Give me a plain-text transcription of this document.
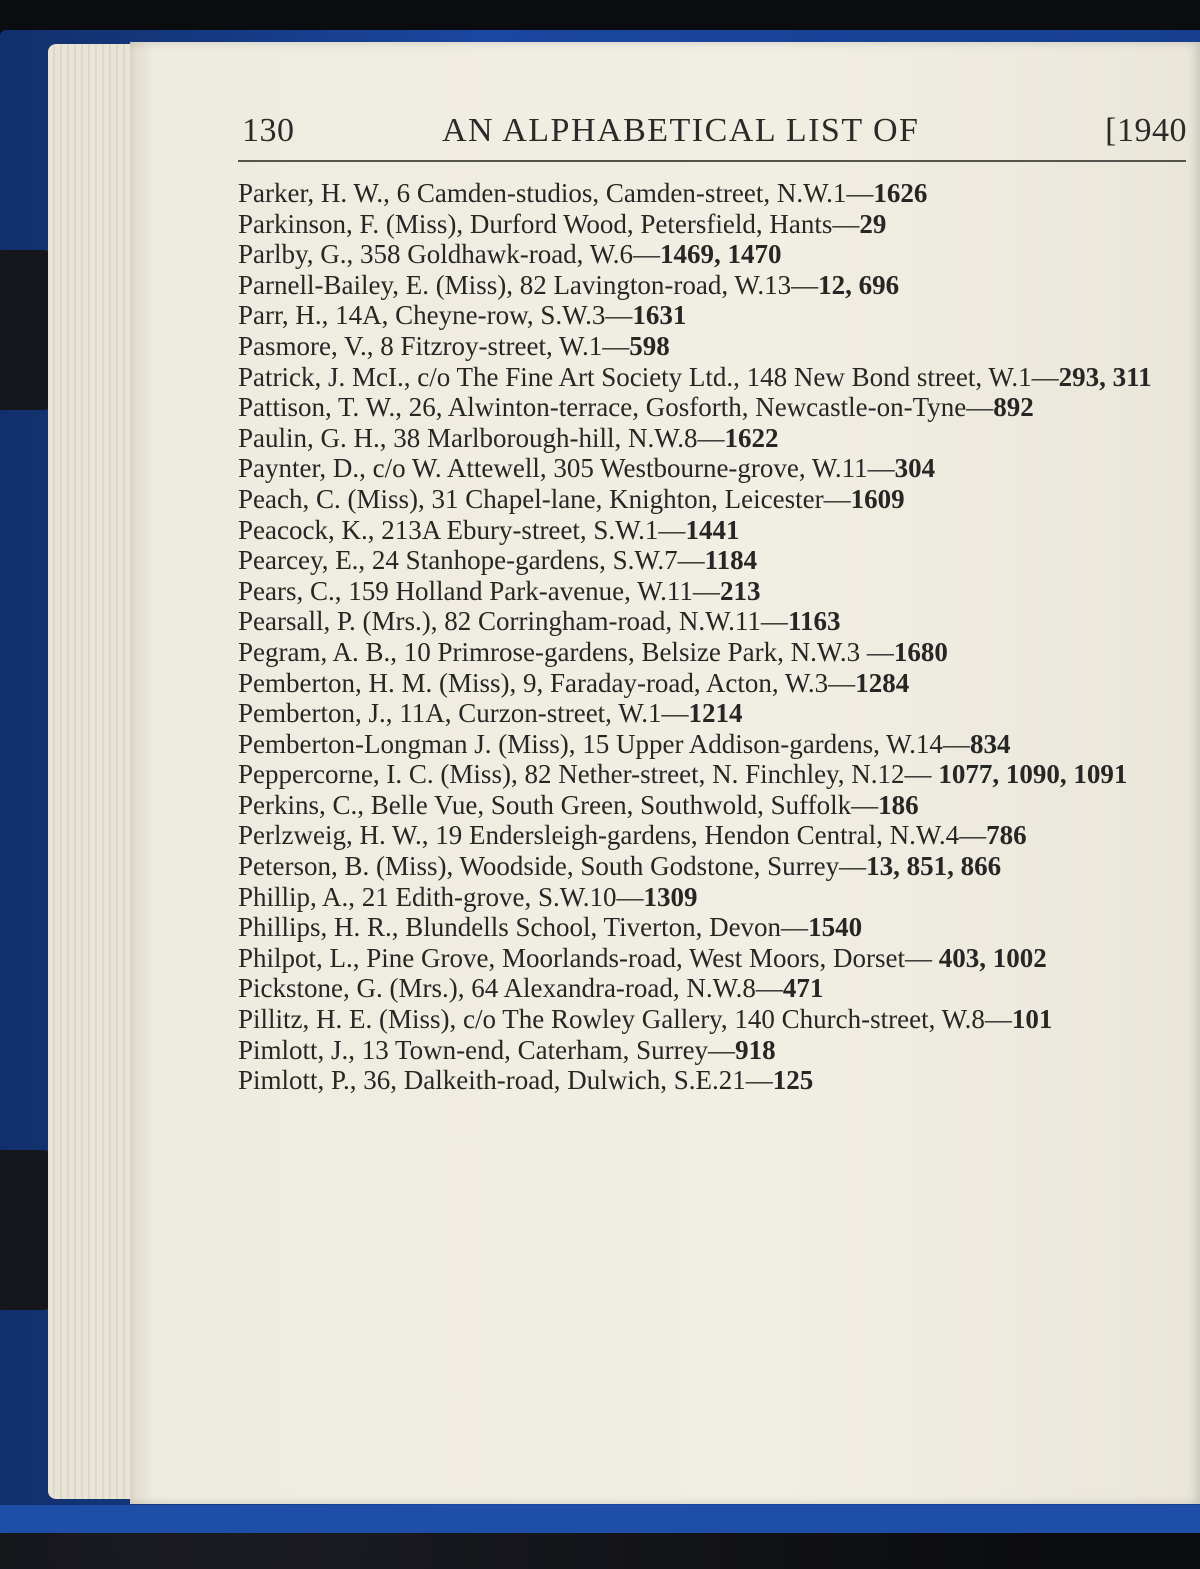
130	AN ALPHABETICAL LIST OF	[1940
Parker, H. W., 6 Camden-studios, Camden-street, N.W.1—1626
Parkinson, F. (Miss), Durford Wood, Petersfield, Hants—29
Parlby, G., 358 Goldhawk-road, W.6—1469, 1470
Parnell-Bailey, E. (Miss), 82 Lavington-road, W.13—12, 696
Parr, H., 14A, Cheyne-row, S.W.3—1631
Pasmore, V., 8 Fitzroy-street, W.1—598
Patrick, J. McI., c/o The Fine Art Society Ltd., 148 New Bond street, W.1—293, 311
Pattison, T. W., 26, Alwinton-terrace, Gosforth, Newcastle-on-Tyne—892
Paulin, G. H., 38 Marlborough-hill, N.W.8—1622
Paynter, D., c/o W. Attewell, 305 Westbourne-grove, W.11—304
Peach, C. (Miss), 31 Chapel-lane, Knighton, Leicester—1609
Peacock, K., 213A Ebury-street, S.W.1—1441
Pearcey, E., 24 Stanhope-gardens, S.W.7—1184
Pears, C., 159 Holland Park-avenue, W.11—213
Pearsall, P. (Mrs.), 82 Corringham-road, N.W.11—1163
Pegram, A. B., 10 Primrose-gardens, Belsize Park, N.W.3 —1680
Pemberton, H. M. (Miss), 9, Faraday-road, Acton, W.3—1284
Pemberton, J., 11A, Curzon-street, W.1—1214
Pemberton-Longman J. (Miss), 15 Upper Addison-gardens, W.14—834
Peppercorne, I. C. (Miss), 82 Nether-street, N. Finchley, N.12— 1077, 1090, 1091
Perkins, C., Belle Vue, South Green, Southwold, Suffolk—186
Perlzweig, H. W., 19 Endersleigh-gardens, Hendon Central, N.W.4—786
Peterson, B. (Miss), Woodside, South Godstone, Surrey—13, 851, 866
Phillip, A., 21 Edith-grove, S.W.10—1309
Phillips, H. R., Blundells School, Tiverton, Devon—1540
Philpot, L., Pine Grove, Moorlands-road, West Moors, Dorset— 403, 1002
Pickstone, G. (Mrs.), 64 Alexandra-road, N.W.8—471
Pillitz, H. E. (Miss), c/o The Rowley Gallery, 140 Church-street, W.8—101
Pimlott, J., 13 Town-end, Caterham, Surrey—918
Pimlott, P., 36, Dalkeith-road, Dulwich, S.E.21—125
